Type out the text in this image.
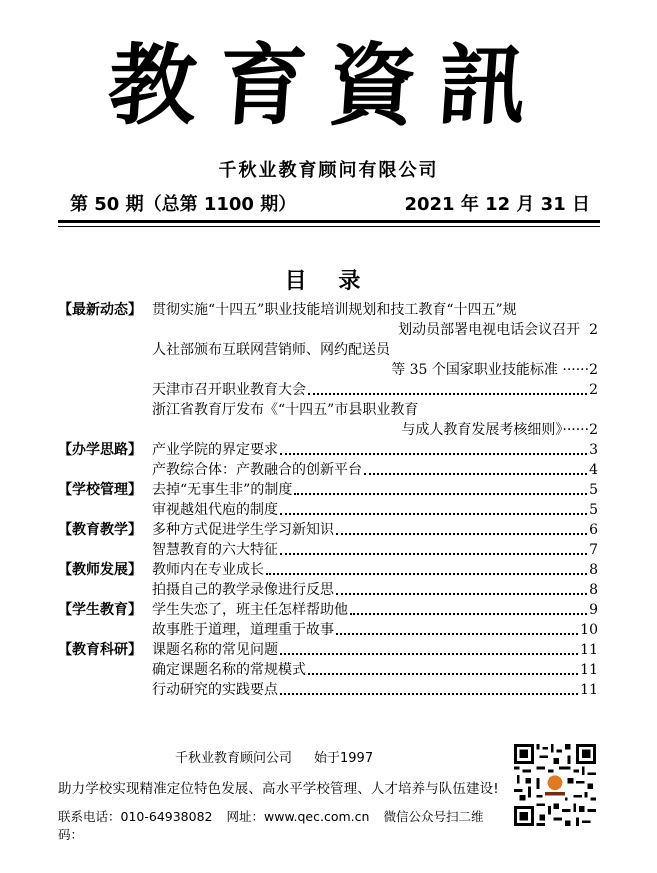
教育資訊
千秋业教育顾问有限公司
第 50 期（总第 1100 期）	2021 年 12 月 31 日
目 录
【最新动态】 贯彻实施“十四五”职业技能培训规划和技工教育“十四五”规
划动员部署电视电话会议召开 2
人社部颁布互联网营销师、网约配送员
等 35 个国家职业技能标准 ······2
天津市召开职业教育大会	2
浙江省教育厅发布《“十四五”市县职业教育
与成人教育发展考核细则》······2
【办学思路】 产业学院的界定要求	3
产教综合体：产教融合的创新平台	4
【学校管理】 去掉“无事生非”的制度	5
审视越俎代庖的制度	5
【教育教学】 多种方式促进学生学习新知识	6
智慧教育的六大特征	7
【教师发展】 教师内在专业成长	8
拍摄自己的教学录像进行反思	8
【学生教育】 学生失恋了，班主任怎样帮助他	9
故事胜于道理，道理重于故事	10
【教育科研】 课题名称的常见问题	11
确定课题名称的常规模式	11
行动研究的实践要点	11
千秋业教育顾问公司 始于1997
助力学校实现精准定位特色发展、高水平学校管理、人才培养与队伍建设!
联系电话：010-64938082 网址：www.qec.com.cn 微信公众号扫二维码：
